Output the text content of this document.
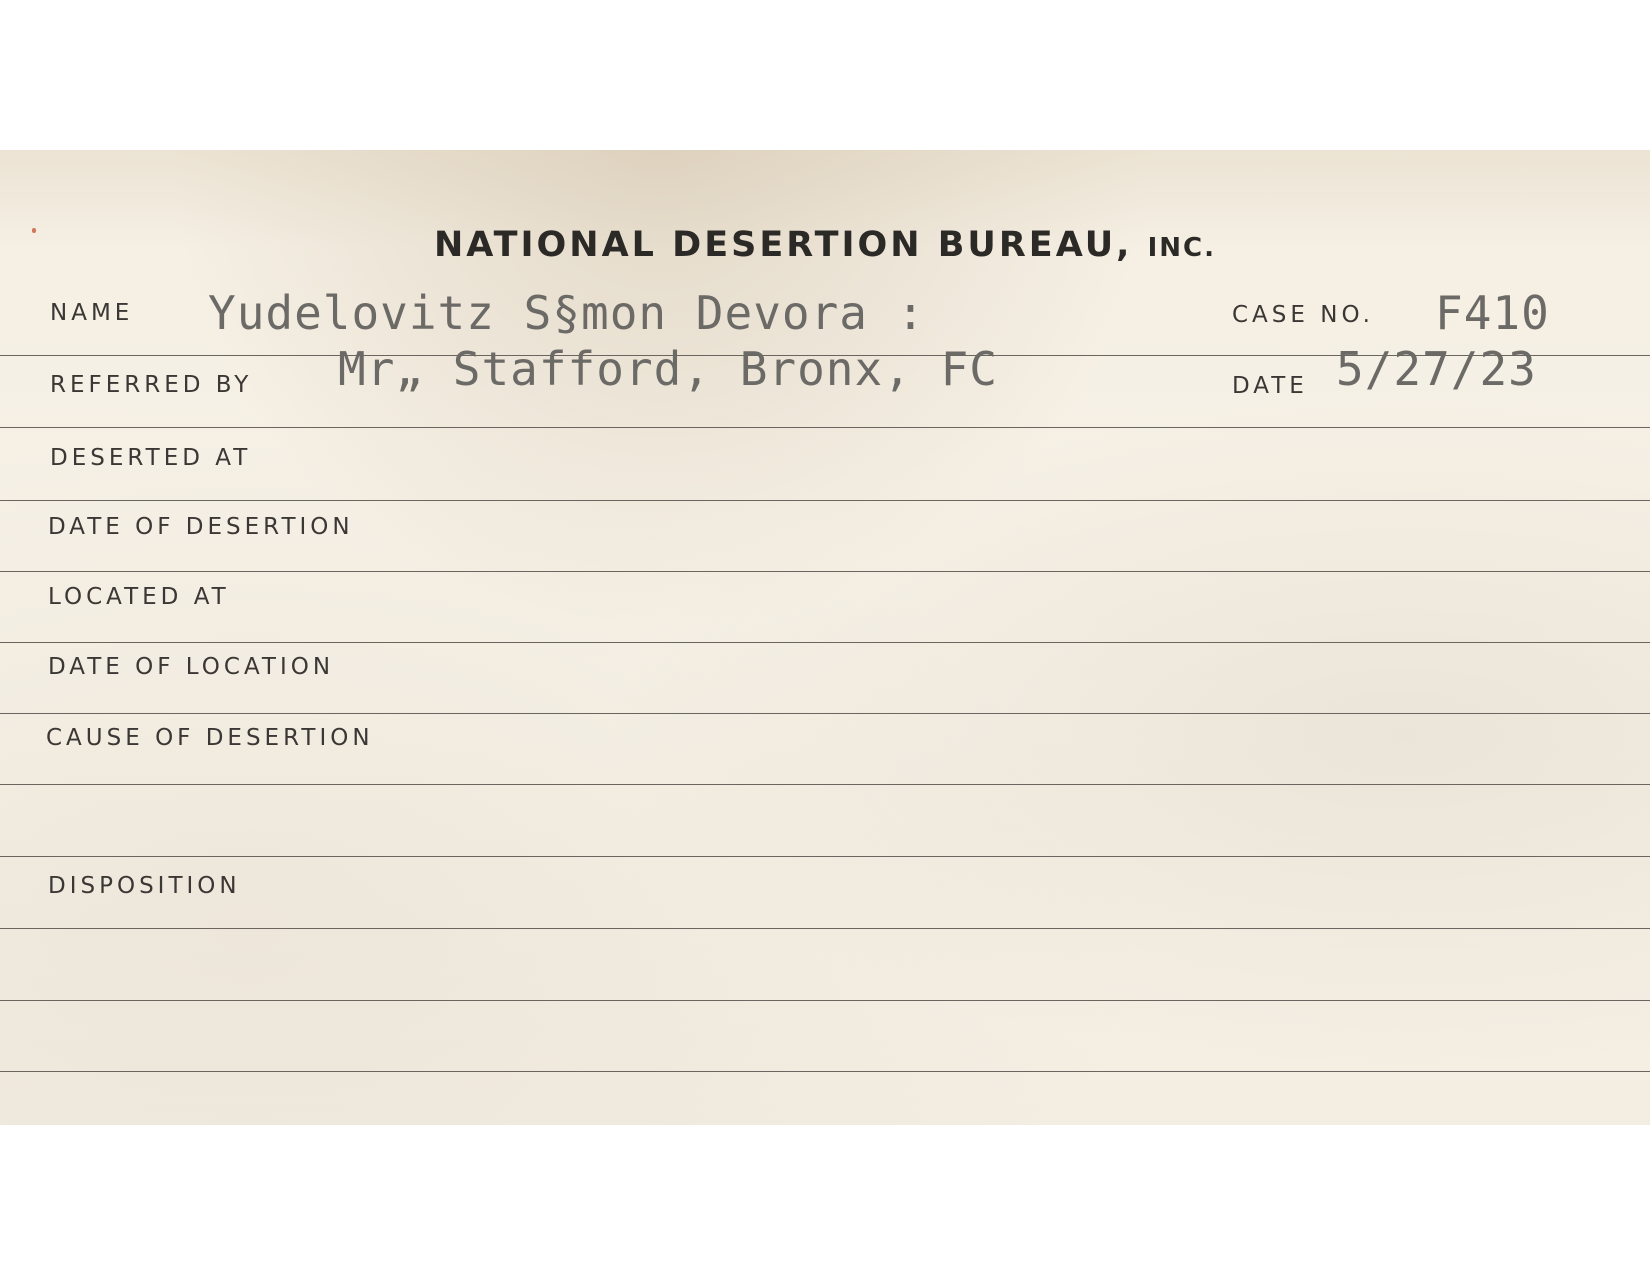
NATIONAL DESERTION BUREAU, INC.
NAME Yudelovitz S§mon Devora :	CASE NO. F410
REFERRED BY Mr„ Stafford, Bronx, FC	DATE 5/27/23
DESERTED AT
DATE OF DESERTION
LOCATED AT
DATE OF LOCATION
CAUSE OF DESERTION
DISPOSITION
